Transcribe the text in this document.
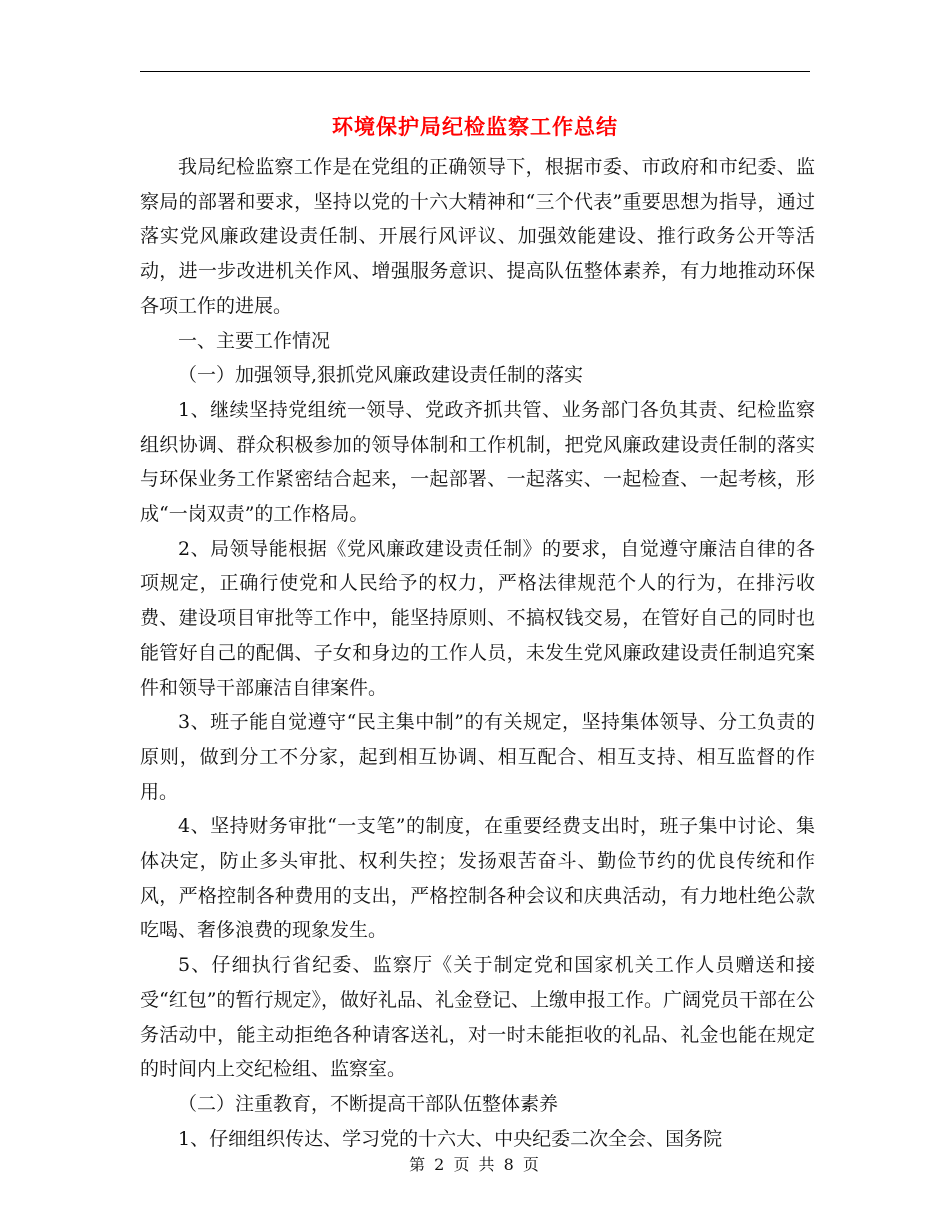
环境保护局纪检监察工作总结

我局纪检监察工作是在党组的正确领导下，根据市委、市政府和市纪委、监察局的部署和要求，坚持以党的十六大精神和“三个代表”重要思想为指导，通过落实党风廉政建设责任制、开展行风评议、加强效能建设、推行政务公开等活动，进一步改进机关作风、增强服务意识、提高队伍整体素养，有力地推动环保各项工作的进展。

一、主要工作情况

（一）加强领导,狠抓党风廉政建设责任制的落实

1、继续坚持党组统一领导、党政齐抓共管、业务部门各负其责、纪检监察组织协调、群众积极参加的领导体制和工作机制，把党风廉政建设责任制的落实与环保业务工作紧密结合起来，一起部署、一起落实、一起检查、一起考核，形成“一岗双责”的工作格局。

2、局领导能根据《党风廉政建设责任制》的要求，自觉遵守廉洁自律的各项规定，正确行使党和人民给予的权力，严格法律规范个人的行为，在排污收费、建设项目审批等工作中，能坚持原则、不搞权钱交易，在管好自己的同时也能管好自己的配偶、子女和身边的工作人员，未发生党风廉政建设责任制追究案件和领导干部廉洁自律案件。

3、班子能自觉遵守“民主集中制”的有关规定，坚持集体领导、分工负责的原则，做到分工不分家，起到相互协调、相互配合、相互支持、相互监督的作用。

4、坚持财务审批“一支笔”的制度，在重要经费支出时，班子集中讨论、集体决定，防止多头审批、权利失控；发扬艰苦奋斗、勤俭节约的优良传统和作风，严格控制各种费用的支出，严格控制各种会议和庆典活动，有力地杜绝公款吃喝、奢侈浪费的现象发生。

5、仔细执行省纪委、监察厅《关于制定党和国家机关工作人员赠送和接受“红包”的暂行规定》，做好礼品、礼金登记、上缴申报工作。广阔党员干部在公务活动中，能主动拒绝各种请客送礼，对一时未能拒收的礼品、礼金也能在规定的时间内上交纪检组、监察室。

（二）注重教育，不断提高干部队伍整体素养

1、仔细组织传达、学习党的十六大、中央纪委二次全会、国务院

第 2 页 共 8 页
